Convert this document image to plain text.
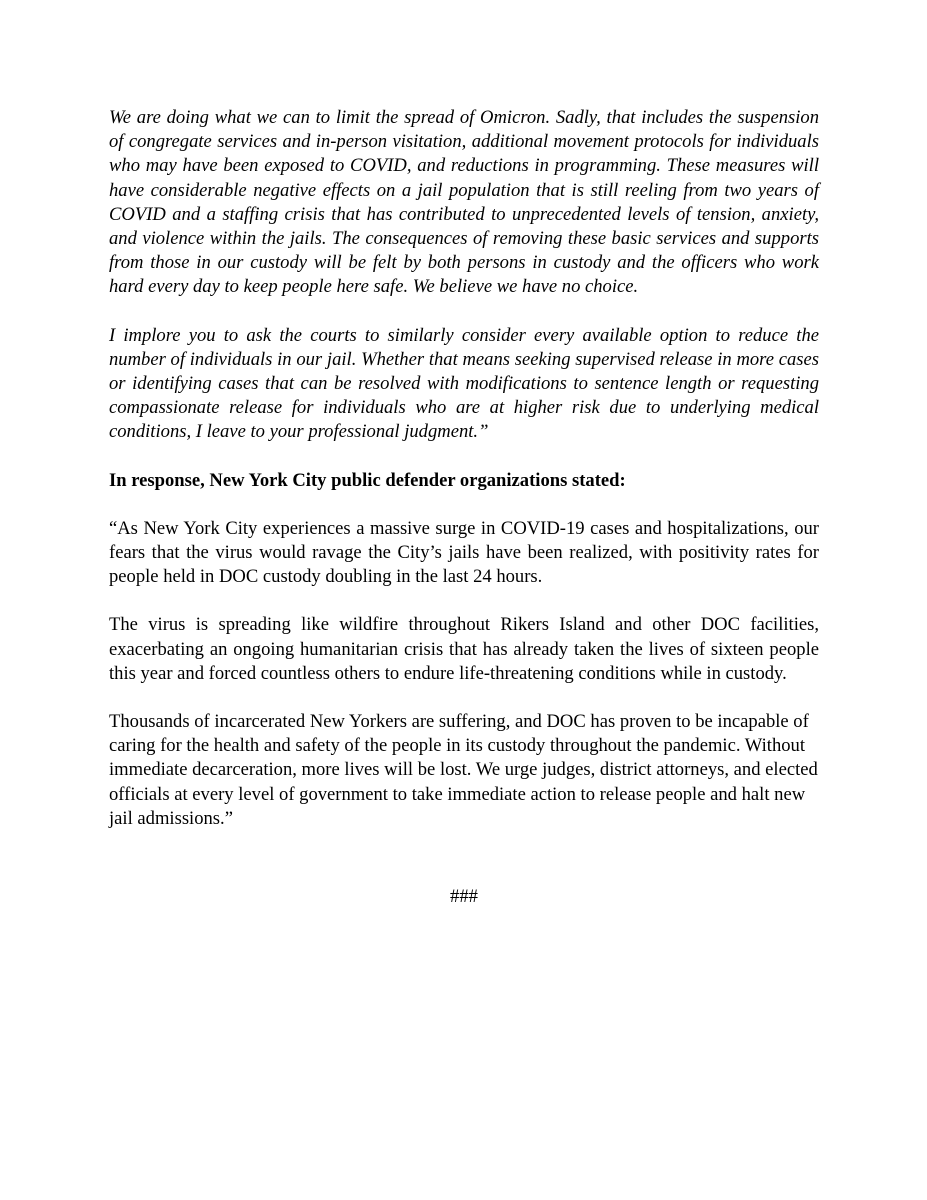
We are doing what we can to limit the spread of Omicron. Sadly, that includes the suspension of congregate services and in-person visitation, additional movement protocols for individuals who may have been exposed to COVID, and reductions in programming. These measures will have considerable negative effects on a jail population that is still reeling from two years of COVID and a staffing crisis that has contributed to unprecedented levels of tension, anxiety, and violence within the jails. The consequences of removing these basic services and supports from those in our custody will be felt by both persons in custody and the officers who work hard every day to keep people here safe. We believe we have no choice.

I implore you to ask the courts to similarly consider every available option to reduce the number of individuals in our jail. Whether that means seeking supervised release in more cases or identifying cases that can be resolved with modifications to sentence length or requesting compassionate release for individuals who are at higher risk due to underlying medical conditions, I leave to your professional judgment.”

In response, New York City public defender organizations stated:

“As New York City experiences a massive surge in COVID-19 cases and hospitalizations, our fears that the virus would ravage the City’s jails have been realized, with positivity rates for people held in DOC custody doubling in the last 24 hours.

The virus is spreading like wildfire throughout Rikers Island and other DOC facilities, exacerbating an ongoing humanitarian crisis that has already taken the lives of sixteen people this year and forced countless others to endure life-threatening conditions while in custody.

Thousands of incarcerated New Yorkers are suffering, and DOC has proven to be incapable of caring for the health and safety of the people in its custody throughout the pandemic. Without immediate decarceration, more lives will be lost. We urge judges, district attorneys, and elected officials at every level of government to take immediate action to release people and halt new jail admissions.”

###
